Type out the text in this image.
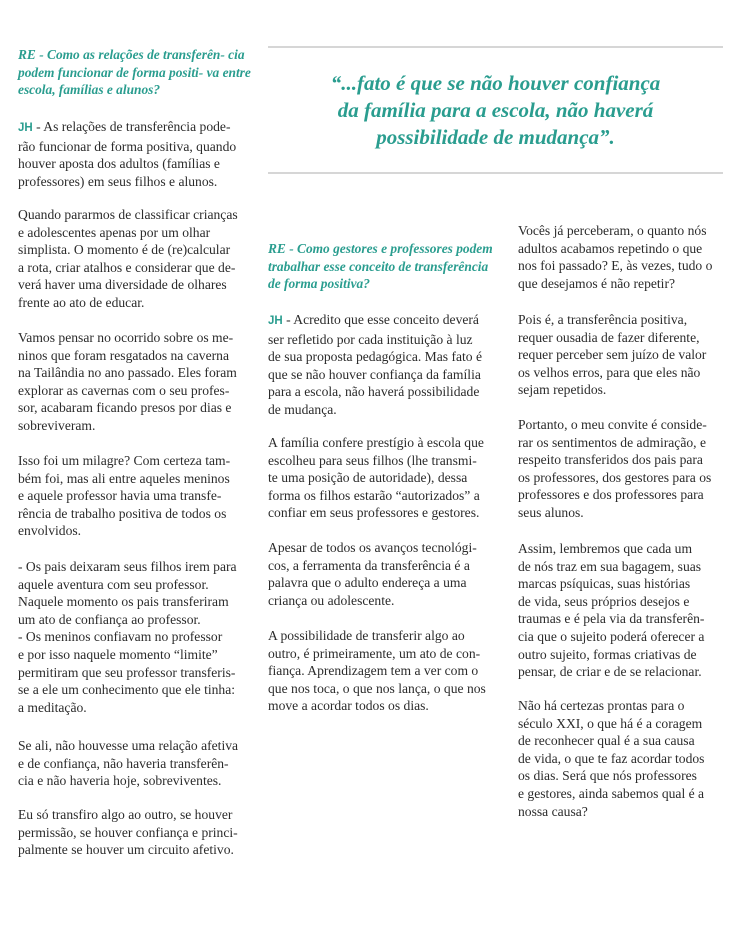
RE - Como as relações de transferên- cia podem funcionar de forma positi- va entre escola, famílias e alunos?

JH - As relações de transferência pode-
rão funcionar de forma positiva, quando
houver aposta dos adultos (famílias e
professores) em seus filhos e alunos.

Quando pararmos de classificar crianças
e adolescentes apenas por um olhar
simplista. O momento é de (re)calcular
a rota, criar atalhos e considerar que de-
verá haver uma diversidade de olhares
frente ao ato de educar.

Vamos pensar no ocorrido sobre os me-
ninos que foram resgatados na caverna
na Tailândia no ano passado. Eles foram
explorar as cavernas com o seu profes-
sor, acabaram ficando presos por dias e
sobreviveram.

Isso foi um milagre? Com certeza tam-
bém foi, mas ali entre aqueles meninos
e aquele professor havia uma transfe-
rência de trabalho positiva de todos os
envolvidos.

- Os pais deixaram seus filhos irem para
aquele aventura com seu professor.
Naquele momento os pais transferiram
um ato de confiança ao professor.
- Os meninos confiavam no professor
e por isso naquele momento “limite”
permitiram que seu professor transferis-
se a ele um conhecimento que ele tinha:
a meditação.

Se ali, não houvesse uma relação afetiva
e de confiança, não haveria transferên-
cia e não haveria hoje, sobreviventes.

Eu só transfiro algo ao outro, se houver
permissão, se houver confiança e princi-
palmente se houver um circuito afetivo.

“...fato é que se não houver confiança
da família para a escola, não haverá
possibilidade de mudança”.

RE - Como gestores e professores podem trabalhar esse conceito de transferência de forma positiva?

JH - Acredito que esse conceito deverá
ser refletido por cada instituição à luz
de sua proposta pedagógica. Mas fato é
que se não houver confiança da família
para a escola, não haverá possibilidade
de mudança.

A família confere prestígio à escola que
escolheu para seus filhos (lhe transmi-
te uma posição de autoridade), dessa
forma os filhos estarão “autorizados” a
confiar em seus professores e gestores.

Apesar de todos os avanços tecnológi-
cos, a ferramenta da transferência é a
palavra que o adulto endereça a uma
criança ou adolescente.

A possibilidade de transferir algo ao
outro, é primeiramente, um ato de con-
fiança. Aprendizagem tem a ver com o
que nos toca, o que nos lança, o que nos
move a acordar todos os dias.

Vocês já perceberam, o quanto nós
adultos acabamos repetindo o que
nos foi passado? E, às vezes, tudo o
que desejamos é não repetir?

Pois é, a transferência positiva,
requer ousadia de fazer diferente,
requer perceber sem juízo de valor
os velhos erros, para que eles não
sejam repetidos.

Portanto, o meu convite é conside-
rar os sentimentos de admiração, e
respeito transferidos dos pais para
os professores, dos gestores para os
professores e dos professores para
seus alunos.

Assim, lembremos que cada um
de nós traz em sua bagagem, suas
marcas psíquicas, suas histórias
de vida, seus próprios desejos e
traumas e é pela via da transferên-
cia que o sujeito poderá oferecer a
outro sujeito, formas criativas de
pensar, de criar e de se relacionar.

Não há certezas prontas para o
século XXI, o que há é a coragem
de reconhecer qual é a sua causa
de vida, o que te faz acordar todos
os dias. Será que nós professores
e gestores, ainda sabemos qual é a
nossa causa?
